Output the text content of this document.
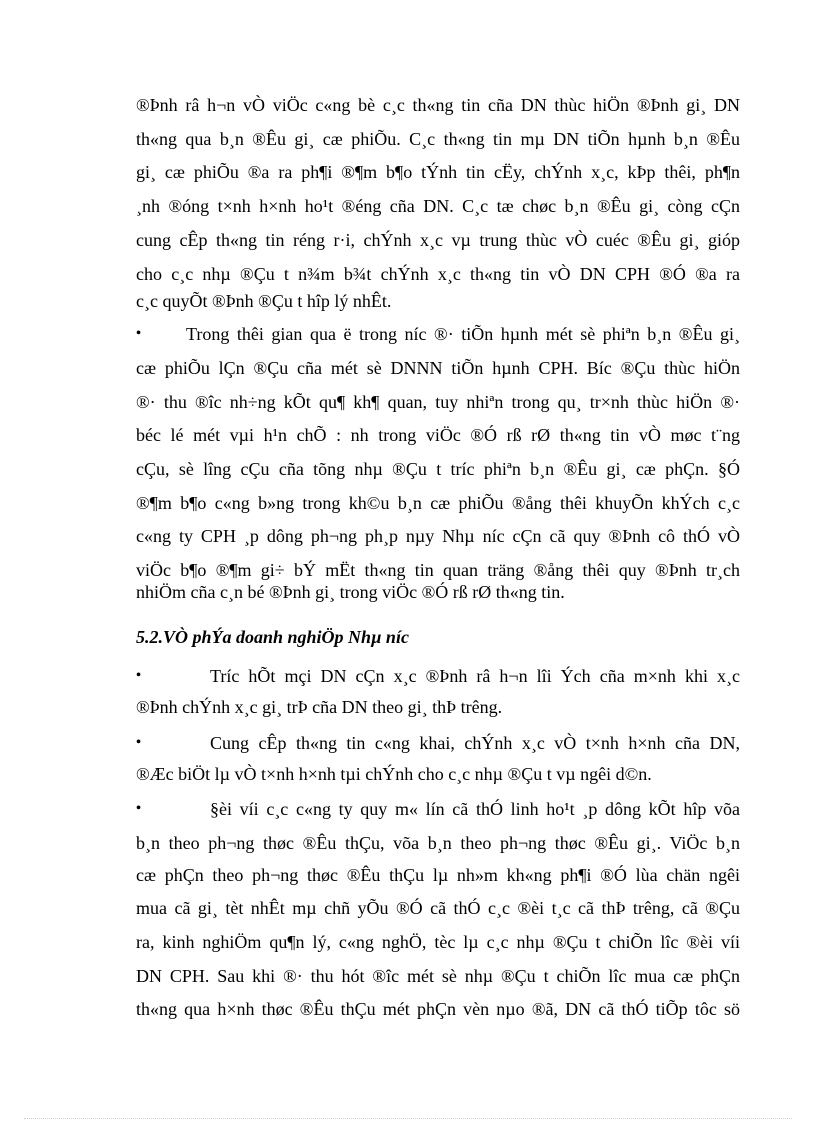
®Þnh râ h¬n vÒ viÖc c«ng bè c¸c th«ng tin cña DN thùc hiÖn ®Þnh gi¸ DN
th«ng qua b¸n ®Êu gi¸ cæ phiÕu. C¸c th«ng tin mµ DN tiÕn hµnh b¸n ®Êu
gi¸ cæ phiÕu ®a ra ph¶i ®¶m b¶o tÝnh tin cËy, chÝnh x¸c, kÞp thêi, ph¶n
¸nh ®óng t×nh h×nh ho¹t ®éng cña DN. C¸c tæ chøc b¸n ®Êu gi¸ còng cÇn
cung cÊp th«ng tin réng r·i, chÝnh x¸c vµ trung thùc vÒ cuéc ®Êu gi¸ gióp
cho c¸c nhµ ®Çu t n¾m b¾t chÝnh x¸c th«ng tin vÒ DN CPH ®Ó ®a ra
c¸c quyÕt ®Þnh ®Çu t hîp lý nhÊt.
•	Trong thêi gian qua ë trong níc ®· tiÕn hµnh mét sè phiªn b¸n ®Êu gi¸
cæ phiÕu lÇn ®Çu cña mét sè DNNN tiÕn hµnh CPH. Bíc ®Çu thùc hiÖn
®· thu ®îc nh÷ng kÕt qu¶ kh¶ quan, tuy nhiªn trong qu¸ tr×nh thùc hiÖn ®·
béc lé mét vµi h¹n chÕ : nh trong viÖc ®Ó rß rØ th«ng tin vÒ møc t¨ng
cÇu, sè lîng cÇu cña tõng nhµ ®Çu t tríc phiªn b¸n ®Êu gi¸ cæ phÇn. §Ó
®¶m b¶o c«ng b»ng trong kh©u b¸n cæ phiÕu ®ång thêi khuyÕn khÝch c¸c
c«ng ty CPH ¸p dông ph¬ng ph¸p nµy Nhµ níc cÇn cã quy ®Þnh cô thÓ vÒ
viÖc b¶o ®¶m gi÷ bÝ mËt th«ng tin quan träng ®ång thêi quy ®Þnh tr¸ch
nhiÖm cña c¸n bé ®Þnh gi¸ trong viÖc ®Ó rß rØ th«ng tin.
5.2.VÒ phÝa doanh nghiÖp Nhµ níc
•	Tríc hÕt mçi DN cÇn x¸c ®Þnh râ h¬n lîi Ých cña m×nh khi x¸c
®Þnh chÝnh x¸c gi¸ trÞ cña DN theo gi¸ thÞ trêng.
•	Cung cÊp th«ng tin c«ng khai, chÝnh x¸c vÒ t×nh h×nh cña DN,
®Æc biÖt lµ vÒ t×nh h×nh tµi chÝnh cho c¸c nhµ ®Çu t vµ ngêi d©n.
•	§èi víi c¸c c«ng ty quy m« lín cã thÓ linh ho¹t ¸p dông kÕt hîp võa
b¸n theo ph¬ng thøc ®Êu thÇu, võa b¸n theo ph¬ng thøc ®Êu gi¸. ViÖc b¸n
cæ phÇn theo ph¬ng thøc ®Êu thÇu lµ nh»m kh«ng ph¶i ®Ó lùa chän ngêi
mua cã gi¸ tèt nhÊt mµ chñ yÕu ®Ó cã thÓ c¸c ®èi t¸c cã thÞ trêng, cã ®Çu
ra, kinh nghiÖm qu¶n lý, c«ng nghÖ, tèc lµ c¸c nhµ ®Çu t chiÕn lîc ®èi víi
DN CPH. Sau khi ®· thu hót ®îc mét sè nhµ ®Çu t chiÕn lîc mua cæ phÇn
th«ng qua h×nh thøc ®Êu thÇu mét phÇn vèn nµo ®ã, DN cã thÓ tiÕp tôc sö
